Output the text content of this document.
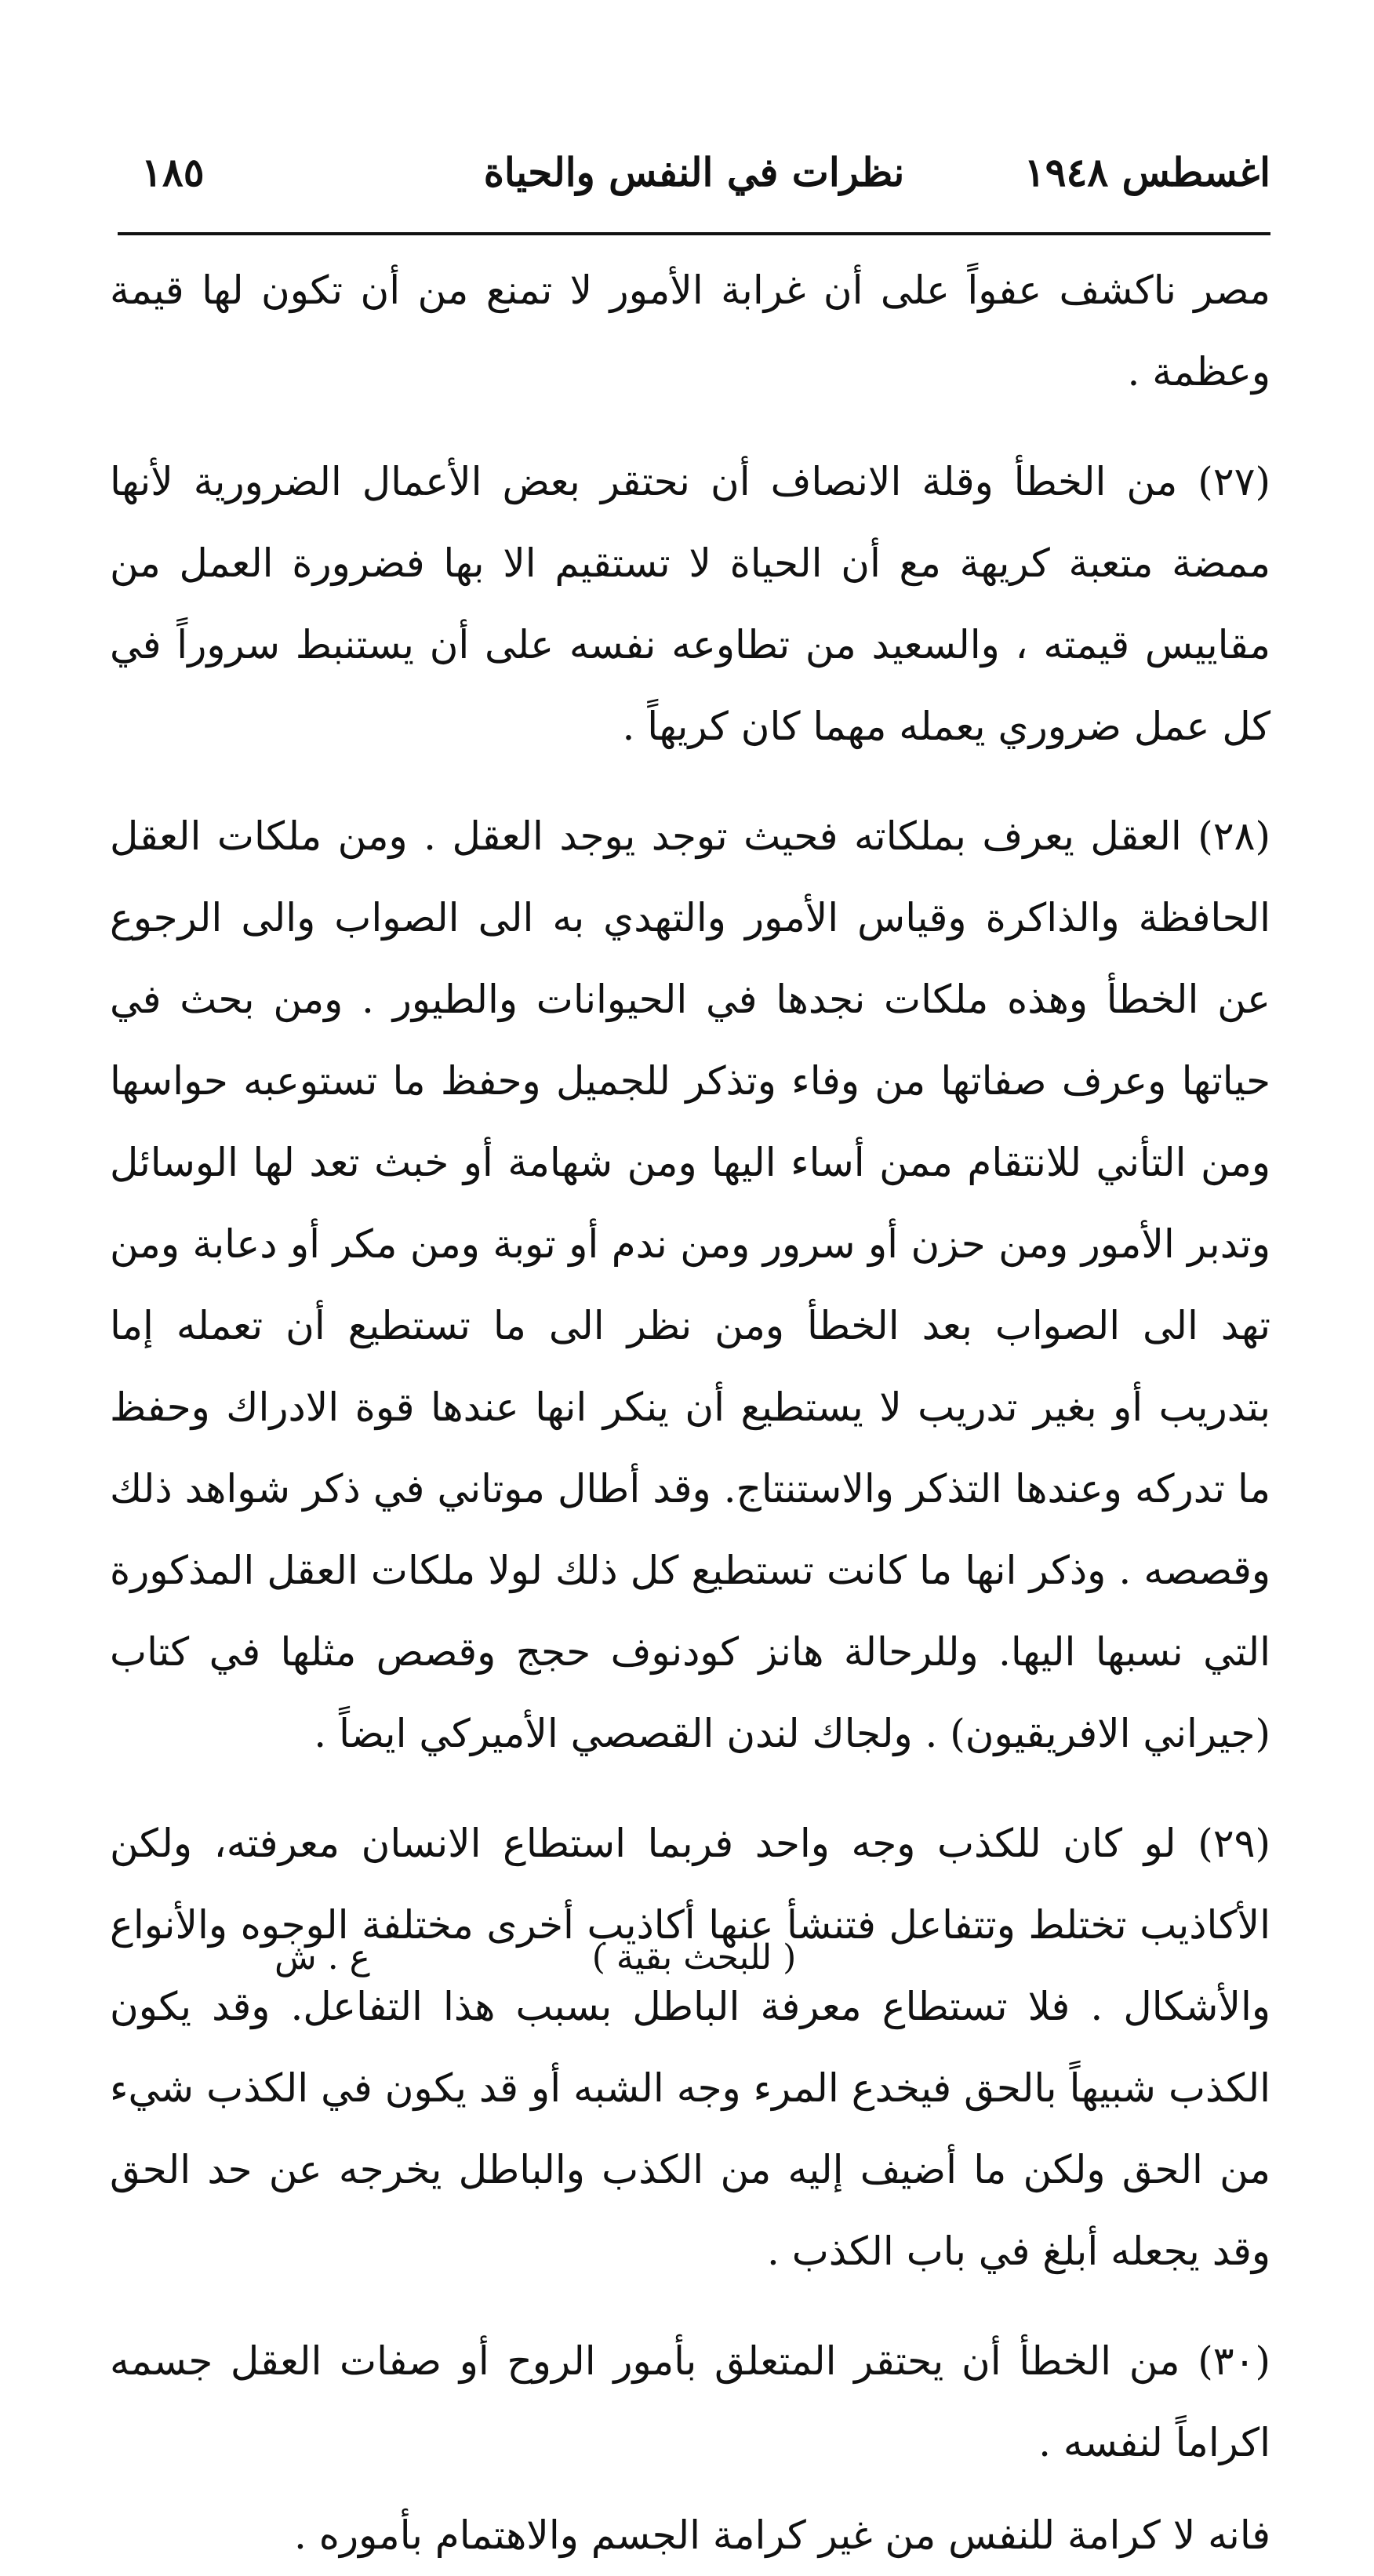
اغسطس ١٩٤٨
نظرات في النفس والحياة
١٨٥

مصر ناكشف عفواً على أن غرابة الأمور لا تمنع من أن تكون لها قيمة وعظمة .

(٢٧) من الخطأ وقلة الانصاف أن نحتقر بعض الأعمال الضرورية لأنها ممضة متعبة كريهة مع أن الحياة لا تستقيم الا بها فضرورة العمل من مقاييس قيمته ، والسعيد من تطاوعه نفسه على أن يستنبط سروراً في كل عمل ضروري يعمله مهما كان كريهاً .

(٢٨) العقل يعرف بملكاته فحيث توجد يوجد العقل . ومن ملكات العقل الحافظة والذاكرة وقياس الأمور والتهدي به الى الصواب والى الرجوع عن الخطأ وهذه ملكات نجدها في الحيوانات والطيور . ومن بحث في حياتها وعرف صفاتها من وفاء وتذكر للجميل وحفظ ما تستوعبه حواسها ومن التأني للانتقام ممن أساء اليها ومن شهامة أو خبث تعد لها الوسائل وتدبر الأمور ومن حزن أو سرور ومن ندم أو توبة ومن مكر أو دعابة ومن تهد الى الصواب بعد الخطأ ومن نظر الى ما تستطيع أن تعمله إما بتدريب أو بغير تدريب لا يستطيع أن ينكر انها عندها قوة الادراك وحفظ ما تدركه وعندها التذكر والاستنتاج. وقد أطال موتاني في ذكر شواهد ذلك وقصصه . وذكر انها ما كانت تستطيع كل ذلك لولا ملكات العقل المذكورة التي نسبها اليها. وللرحالة هانز كودنوف حجج وقصص مثلها في كتاب (جيراني الافريقيون) . ولجاك لندن القصصي الأميركي ايضاً .

(٢٩) لو كان للكذب وجه واحد فربما استطاع الانسان معرفته، ولكن الأكاذيب تختلط وتتفاعل فتنشأ عنها أكاذيب أخرى مختلفة الوجوه والأنواع والأشكال . فلا تستطاع معرفة الباطل بسبب هذا التفاعل. وقد يكون الكذب شبيهاً بالحق فيخدع المرء وجه الشبه أو قد يكون في الكذب شيء من الحق ولكن ما أضيف إليه من الكذب والباطل يخرجه عن حد الحق وقد يجعله أبلغ في باب الكذب .

(٣٠) من الخطأ أن يحتقر المتعلق بأمور الروح أو صفات العقل جسمه اكراماً لنفسه .

فانه لا كرامة للنفس من غير كرامة الجسم والاهتمام بأموره .

( للبحث بقية )
ع . ش
